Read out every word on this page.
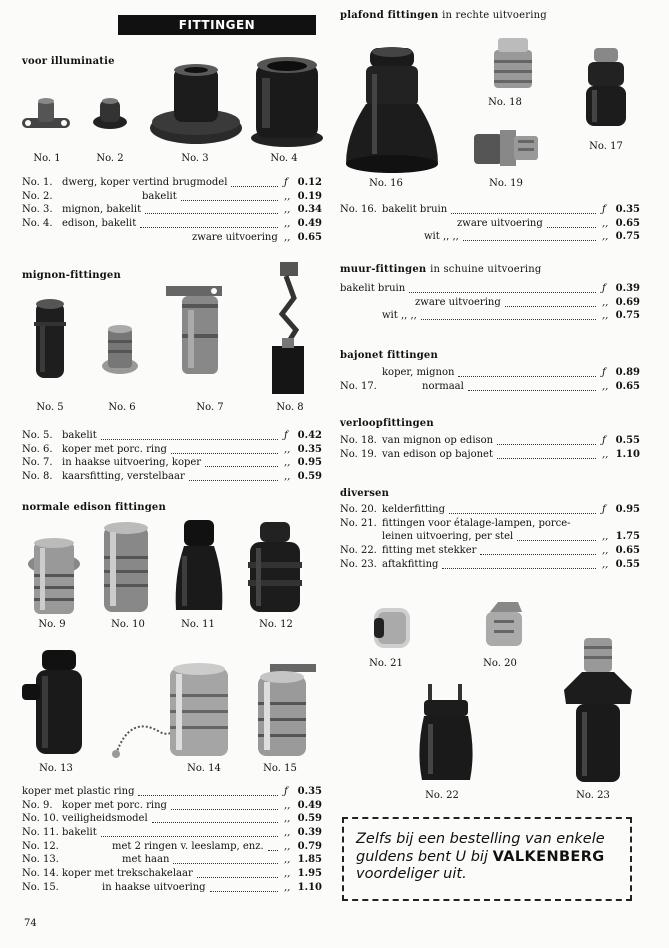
FITTINGEN
voor illuminatie
No. 1	No. 2	No. 3	No. 4
No. 1. dwerg, koper vertind brugmodel	ƒ 0.12
No. 2.	bakelit	,, 0.19
No. 3. mignon, bakelit	,, 0.34
No. 4. edison, bakelit	,, 0.49
zware uitvoering ,, 0.65
mignon-fittingen
No. 5	No. 6	No. 7	No. 8
No. 5. bakelit	ƒ 0.42
No. 6. koper met porc. ring	,, 0.35
No. 7. in haakse uitvoering, koper	,, 0.95
No. 8. kaarsfitting, verstelbaar	,, 0.59
normale edison fittingen
No. 9	No. 10	No. 11	No. 12
No. 13	No. 14	No. 15
koper met plastic ring	ƒ 0.35
No. 9. koper met porc. ring	,, 0.49
No. 10. veiligheidsmodel	,, 0.59
No. 11. bakelit	,, 0.39
No. 12.	met 2 ringen v. leeslamp, enz. ,, 0.79
No. 13.	met haan	,, 1.85
No. 14. koper met trekschakelaar	,, 1.95
No. 15.	in haakse uitvoering	,, 1.10
74
plafond fittingen in rechte uitvoering
No. 18
No. 17
No. 16	No. 19
No. 16. bakelit bruin	ƒ 0.35
zware uitvoering	,, 0.65
wit ,, ,,	,, 0.75
muur-fittingen in schuine uitvoering
bakelit bruin	ƒ 0.39
zware uitvoering	,, 0.69
wit ,, ,,	,, 0.75
bajonet fittingen
koper, mignon	ƒ 0.89
No. 17.	normaal	,, 0.65
verloopfittingen
No. 18. van mignon op edison	ƒ 0.55
No. 19. van edison op bajonet	,, 1.10
diversen
No. 20. kelderfitting	ƒ 0.95
No. 21. fittingen voor étalage-lampen, porce-
leinen uitvoering, per stel	,, 1.75
No. 22. fitting met stekker	,, 0.65
No. 23. aftakfitting	,, 0.55
No. 21	No. 20
No. 22	No. 23
Zelfs bij een bestelling van enkele
guldens bent U bij VALKENBERG
voordeliger uit.
